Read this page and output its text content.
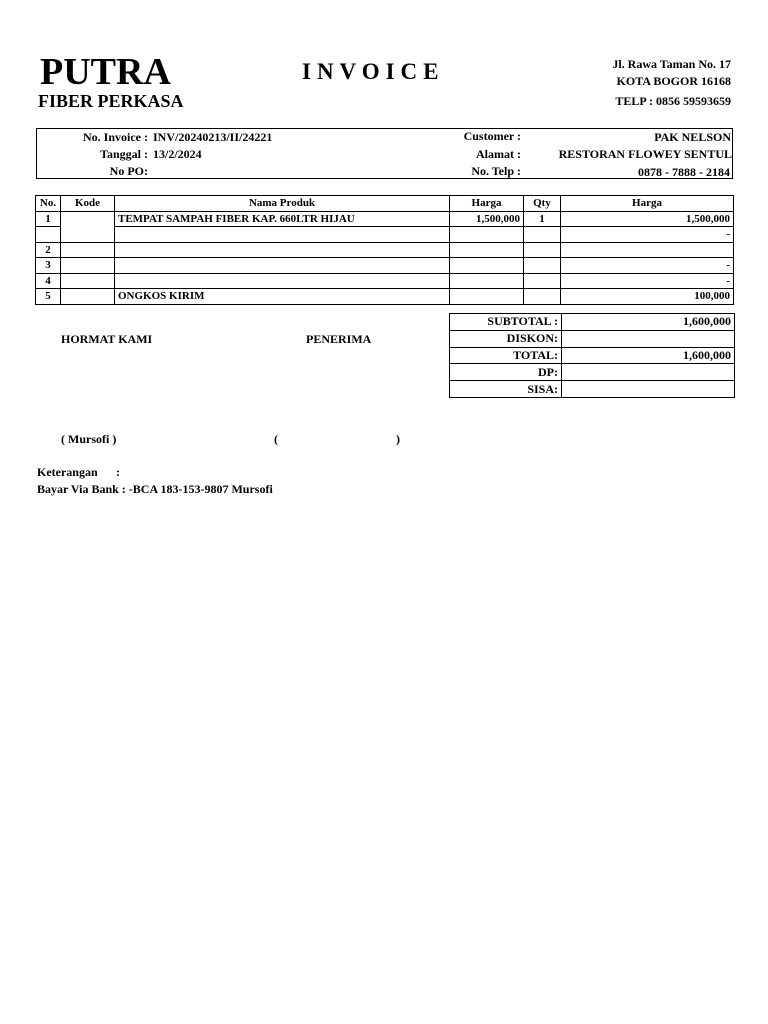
PUTRA
FIBER PERKASA
INVOICE	Jl. Rawa Taman No. 17
KOTA BOGOR 16168
TELP : 0856 59593659
No. Invoice : INV/20240213/II/24221
Tanggal : 13/2/2024
No PO:
Customer :	PAK NELSON
Alamat :	RESTORAN FLOWEY SENTUL
No. Telp :	0878 - 7888 - 2184
No.	Kode	Nama Produk	Harga	Qty	Harga
1		TEMPAT SAMPAH FIBER KAP. 660LTR HIJAU	1,500,000	1	1,500,000
					-
2					
3					-
4					-
5		ONGKOS KIRIM			100,000
SUBTOTAL :	1,600,000
DISKON:	
TOTAL:	1,600,000
DP:	
SISA:	
HORMAT KAMI	PENERIMA
( Mursofi )	(	)
Keterangan :
Bayar Via Bank : -BCA 183-153-9807 Mursofi
